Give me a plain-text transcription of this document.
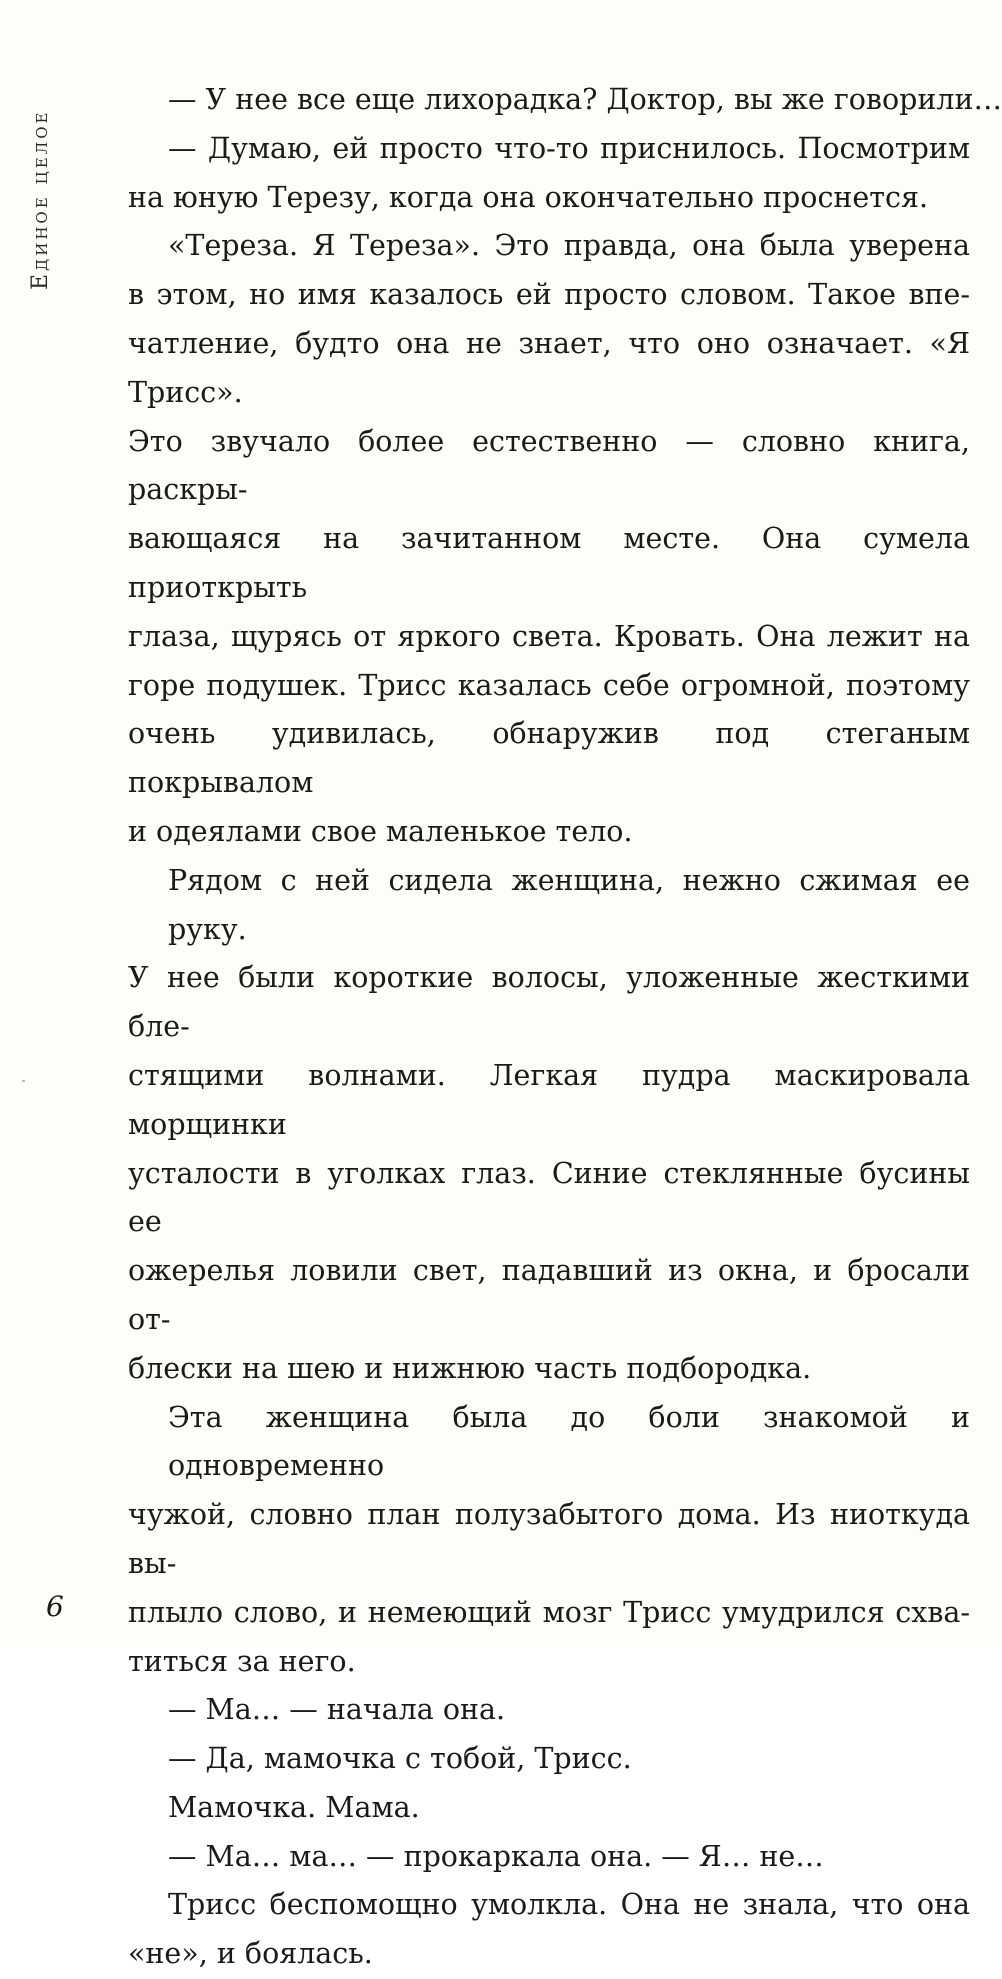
Единое целое

— У нее все еще лихорадка? Доктор, вы же говорили…

— Думаю, ей просто что-то приснилось. Посмотрим
на юную Терезу, когда она окончательно проснется.

«Тереза. Я Тереза». Это правда, она была уверена
в этом, но имя казалось ей просто словом. Такое впе-
чатление, будто она не знает, что оно означает. «Я Трисс».
Это звучало более естественно — словно книга, раскры-
вающаяся на зачитанном месте. Она сумела приоткрыть
глаза, щурясь от яркого света. Кровать. Она лежит на
горе подушек. Трисс казалась себе огромной, поэтому
очень удивилась, обнаружив под стеганым покрывалом
и одеялами свое маленькое тело.

Рядом с ней сидела женщина, нежно сжимая ее руку.
У нее были короткие волосы, уложенные жесткими бле-
стящими волнами. Легкая пудра маскировала морщинки
усталости в уголках глаз. Синие стеклянные бусины ее
ожерелья ловили свет, падавший из окна, и бросали от-
блески на шею и нижнюю часть подбородка.

Эта женщина была до боли знакомой и одновременно
чужой, словно план полузабытого дома. Из ниоткуда вы-
плыло слово, и немеющий мозг Трисс умудрился схва-
титься за него.

— Ма… — начала она.

— Да, мамочка с тобой, Трисс.

Мамочка. Мама.

— Ма… ма… — прокаркала она. — Я… не…

Трисс беспомощно умолкла. Она не знала, что она
«не», и боялась.

6
